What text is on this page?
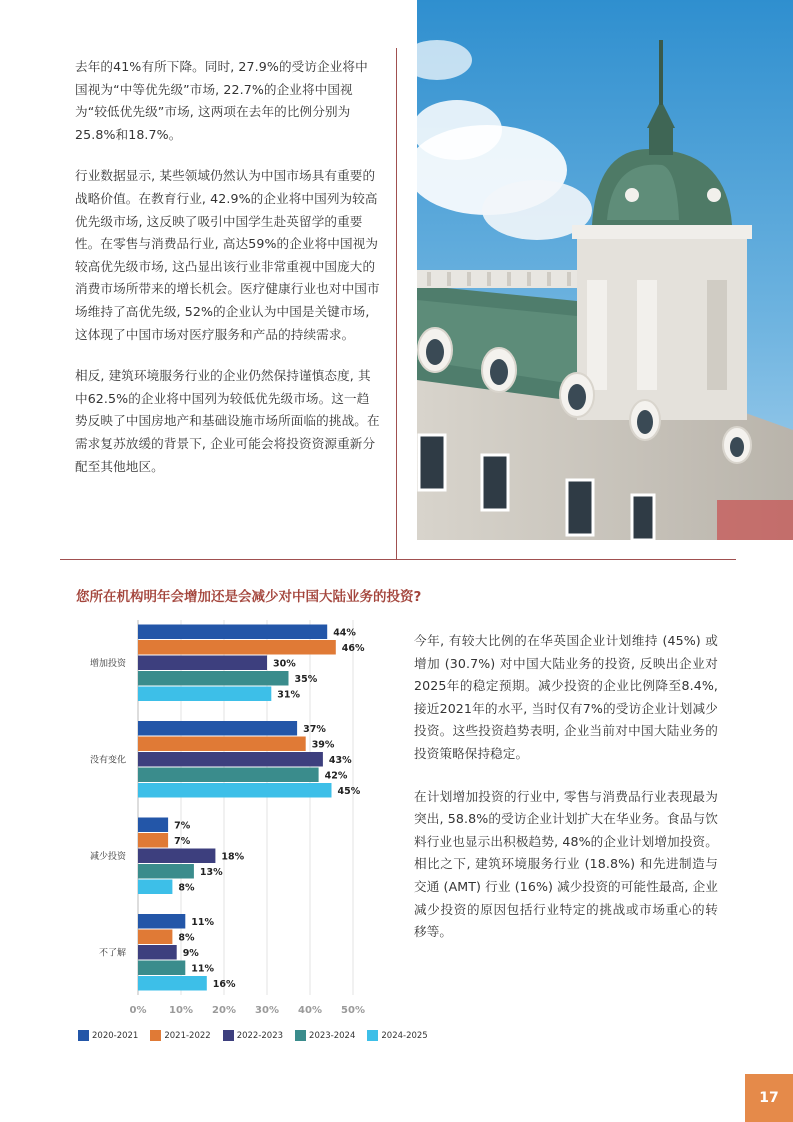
去年的41%有所下降。同时, 27.9%的受访企业将中国视为“中等优先级”市场, 22.7%的企业将中国视为“较低优先级”市场, 这两项在去年的比例分别为25.8%和18.7%。

行业数据显示, 某些领域仍然认为中国市场具有重要的战略价值。在教育行业, 42.9%的企业将中国列为较高优先级市场, 这反映了吸引中国学生赴英留学的重要性。在零售与消费品行业, 高达59%的企业将中国视为较高优先级市场, 这凸显出该行业非常重视中国庞大的消费市场所带来的增长机会。医疗健康行业也对中国市场维持了高优先级, 52%的企业认为中国是关键市场, 这体现了中国市场对医疗服务和产品的持续需求。

相反, 建筑环境服务行业的企业仍然保持谨慎态度, 其中62.5%的企业将中国列为较低优先级市场。这一趋势反映了中国房地产和基础设施市场所面临的挑战。在需求复苏放缓的背景下, 企业可能会将投资资源重新分配至其他地区。

您所在机构明年会增加还是会减少对中国大陆业务的投资?
0% 10% 20% 30% 40% 50%
增加投资
44%
46%
30%
35%
31%
没有变化
37%
39%
43%
42%
45%
减少投资
7%
7%
18%
13%
8%
不了解
11%
8%
9%
11%
16%
2020-2021	2021-2022	2022-2023	2023-2024	2024-2025

今年, 有较大比例的在华英国企业计划维持 (45%) 或增加 (30.7%) 对中国大陆业务的投资, 反映出企业对2025年的稳定预期。减少投资的企业比例降至8.4%, 接近2021年的水平, 当时仅有7%的受访企业计划减少投资。这些投资趋势表明, 企业当前对中国大陆业务的投资策略保持稳定。

在计划增加投资的行业中, 零售与消费品行业表现最为突出, 58.8%的受访企业计划扩大在华业务。食品与饮料行业也显示出积极趋势, 48%的企业计划增加投资。相比之下, 建筑环境服务行业 (18.8%) 和先进制造与交通 (AMT) 行业 (16%) 减少投资的可能性最高, 企业减少投资的原因包括行业特定的挑战或市场重心的转移等。

17
